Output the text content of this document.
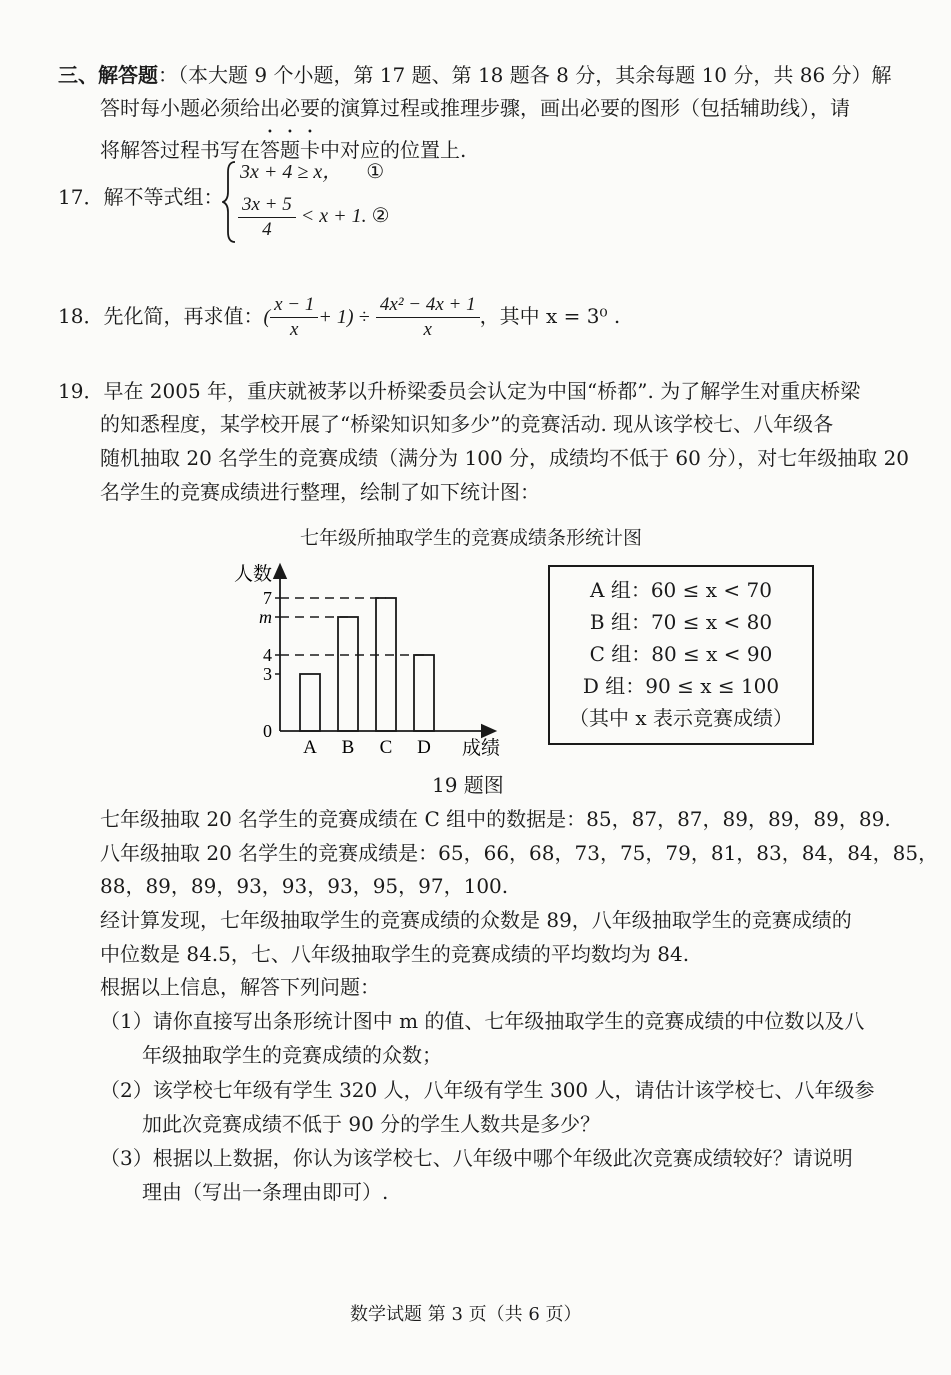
三、解答题：（本大题 9 个小题，第 17 题、第 18 题各 8 分，其余每题 10 分，共 86 分）解
答时每小题必须给出必要的演算过程或推理步骤，画出必要的图形（包括辅助线），请
将解答过程书写在答题卡中对应的位置上.
17．解不等式组：
3x + 4 ≥ x， ①
$\frac{3x + 5}{4} < x + 1$. ②
18．先化简，再求值：( $\frac{x - 1}{x} + 1) \div \frac{\text{4x² − 4x + 1}}{x}$ ，其中 x = 3⁰ .
19．早在 2005 年，重庆就被茅以升桥梁委员会认定为中国“桥都”. 为了解学生对重庆桥梁
的知悉程度，某学校开展了“桥梁知识知多少”的竞赛活动. 现从该学校七、八年级各
随机抽取 20 名学生的竞赛成绩（满分为 100 分，成绩均不低于 60 分），对七年级抽取 20
名学生的竞赛成绩进行整理，绘制了如下统计图：
七年级所抽取学生的竞赛成绩条形统计图
人数
成绩
0
3
4
m
7
A B C D
A 组：60 ≤ x < 70
B 组：70 ≤ x < 80
C 组：80 ≤ x < 90
D 组：90 ≤ x ≤ 100
（其中 x 表示竞赛成绩）
19 题图
七年级抽取 20 名学生的竞赛成绩在 C 组中的数据是：85，87，87，89，89，89，89.
八年级抽取 20 名学生的竞赛成绩是：65，66，68，73，75，79，81，83，84，84，85，
88，89，89，93，93，93，95，97，100.
经计算发现，七年级抽取学生的竞赛成绩的众数是 89，八年级抽取学生的竞赛成绩的
中位数是 84.5，七、八年级抽取学生的竞赛成绩的平均数均为 84.
根据以上信息，解答下列问题：
（1）请你直接写出条形统计图中 m 的值、七年级抽取学生的竞赛成绩的中位数以及八
年级抽取学生的竞赛成绩的众数；
（2）该学校七年级有学生 320 人，八年级有学生 300 人，请估计该学校七、八年级参
加此次竞赛成绩不低于 90 分的学生人数共是多少？
（3）根据以上数据，你认为该学校七、八年级中哪个年级此次竞赛成绩较好？请说明
理由（写出一条理由即可）.
数学试题 第 3 页（共 6 页）
